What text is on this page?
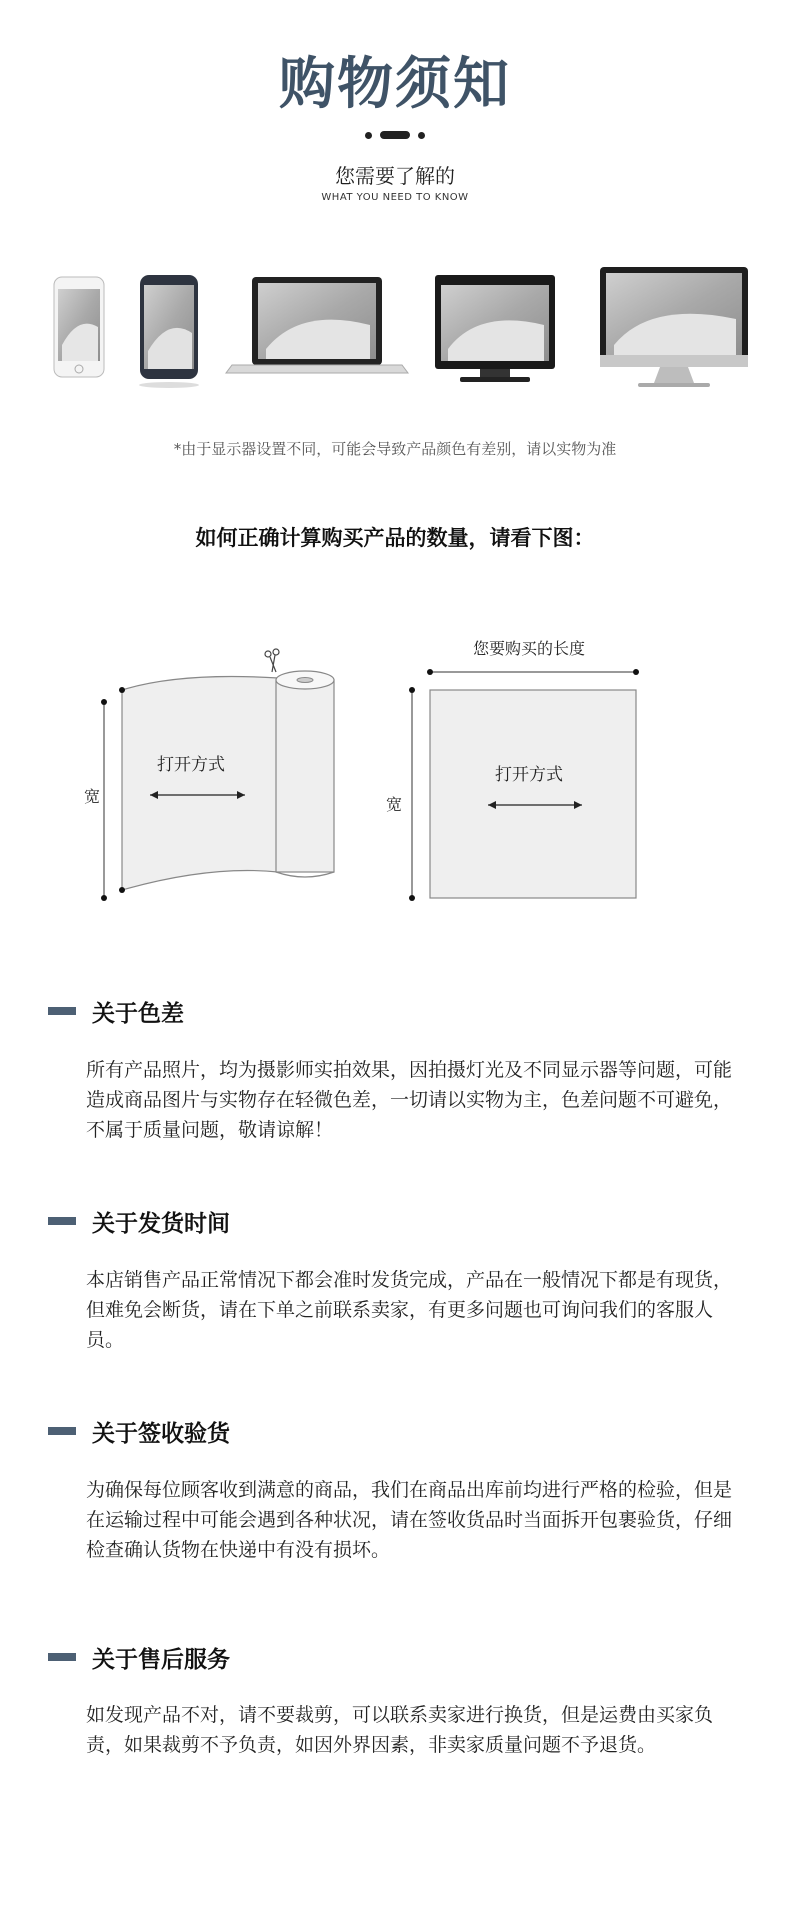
购物须知
您需要了解的
WHAT YOU NEED TO KNOW
*由于显示器设置不同，可能会导致产品颜色有差别，请以实物为准
如何正确计算购买产品的数量，请看下图：
宽
打开方式
您要购买的长度
宽
打开方式
关于色差
所有产品照片，均为摄影师实拍效果，因拍摄灯光及不同显示器等问题，可能造成商品图片与实物存在轻微色差，一切请以实物为主，色差问题不可避免，不属于质量问题，敬请谅解！
关于发货时间
本店销售产品正常情况下都会准时发货完成，产品在一般情况下都是有现货，但难免会断货，请在下单之前联系卖家，有更多问题也可询问我们的客服人员。
关于签收验货
为确保每位顾客收到满意的商品，我们在商品出库前均进行严格的检验，但是在运输过程中可能会遇到各种状况，请在签收货品时当面拆开包裹验货，仔细检查确认货物在快递中有没有损坏。
关于售后服务
如发现产品不对，请不要裁剪，可以联系卖家进行换货，但是运费由买家负责，如果裁剪不予负责，如因外界因素，非卖家质量问题不予退货。
